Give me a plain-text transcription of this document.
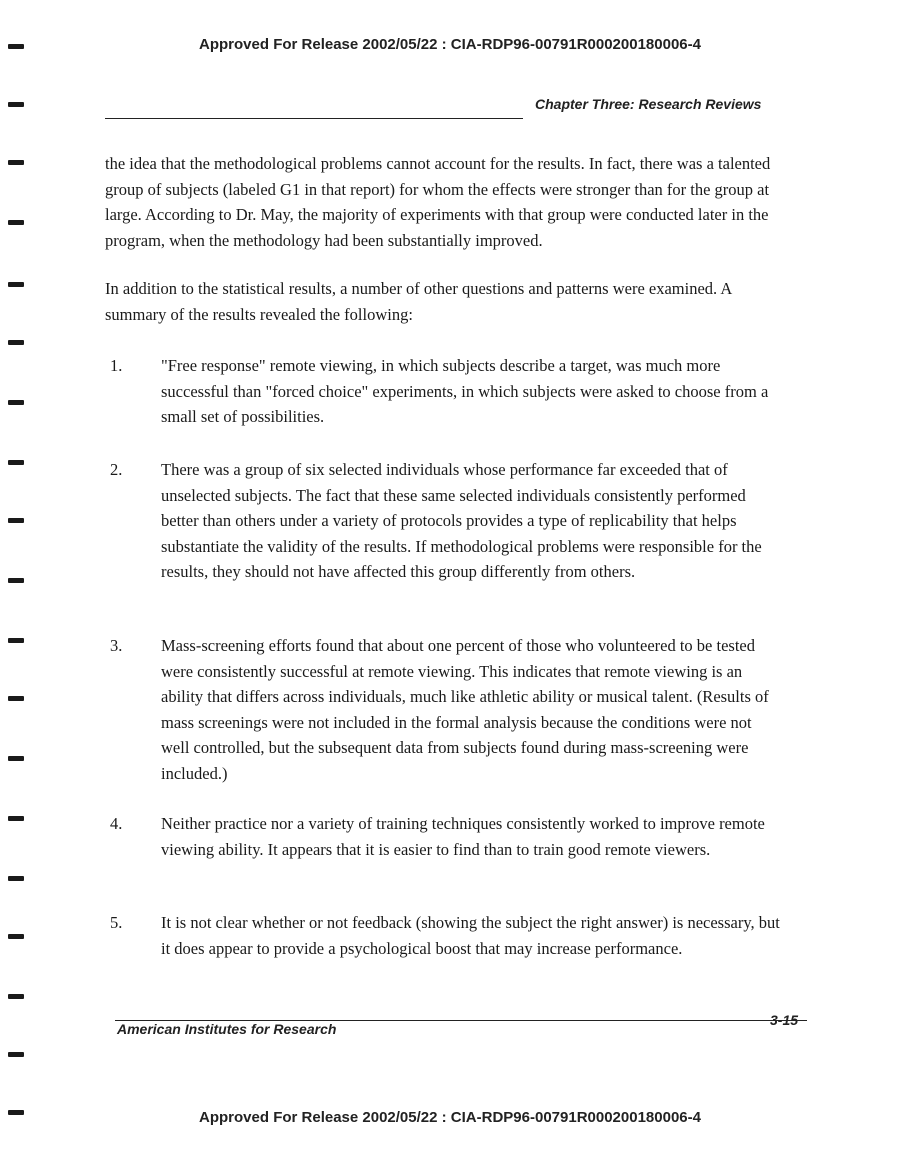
Approved For Release 2002/05/22 : CIA-RDP96-00791R000200180006-4
Chapter Three: Research Reviews

the idea that the methodological problems cannot account for the results. In fact, there was a talented group of subjects (labeled G1 in that report) for whom the effects were stronger than for the group at large. According to Dr. May, the majority of experiments with that group were conducted later in the program, when the methodology had been substantially improved.

In addition to the statistical results, a number of other questions and patterns were examined. A summary of the results revealed the following:

1. "Free response" remote viewing, in which subjects describe a target, was much more successful than "forced choice" experiments, in which subjects were asked to choose from a small set of possibilities.

2. There was a group of six selected individuals whose performance far exceeded that of unselected subjects. The fact that these same selected individuals consistently performed better than others under a variety of protocols provides a type of replicability that helps substantiate the validity of the results. If methodological problems were responsible for the results, they should not have affected this group differently from others.

3. Mass-screening efforts found that about one percent of those who volunteered to be tested were consistently successful at remote viewing. This indicates that remote viewing is an ability that differs across individuals, much like athletic ability or musical talent. (Results of mass screenings were not included in the formal analysis because the conditions were not well controlled, but the subsequent data from subjects found during mass-screening were included.)

4. Neither practice nor a variety of training techniques consistently worked to improve remote viewing ability. It appears that it is easier to find than to train good remote viewers.

5. It is not clear whether or not feedback (showing the subject the right answer) is necessary, but it does appear to provide a psychological boost that may increase performance.

American Institutes for Research
3-15
Approved For Release 2002/05/22 : CIA-RDP96-00791R000200180006-4
